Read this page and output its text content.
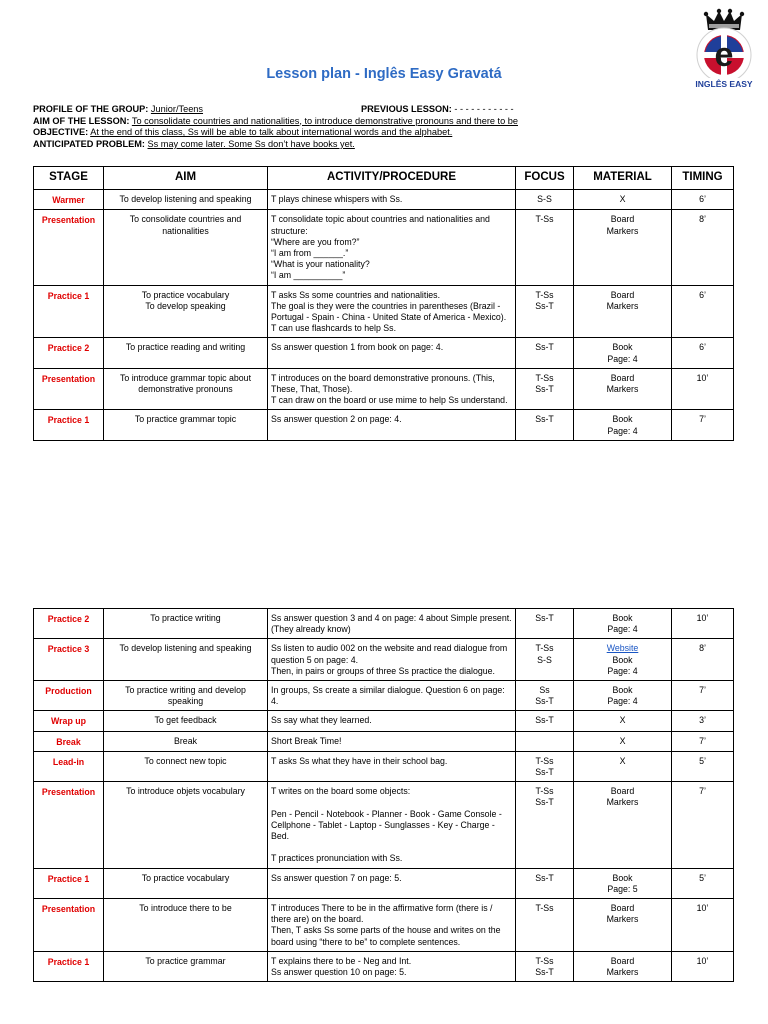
e
INGLÊS EASY
Lesson plan - Inglês Easy Gravatá
PROFILE OF THE GROUP: Junior/Teens	PREVIOUS LESSON: - - - - - - - - - - -
AIM OF THE LESSON: To consolidate countries and nationalities, to introduce demonstrative pronouns and there to be
OBJECTIVE: At the end of this class, Ss will be able to talk about international words and the alphabet.
ANTICIPATED PROBLEM: Ss may come later. Some Ss don’t have books yet.
STAGE	AIM	ACTIVITY/PROCEDURE	FOCUS	MATERIAL	TIMING
Warmer	To develop listening and speaking	T plays chinese whispers with Ss.	S-S	X	6’
Presentation	To consolidate countries and nationalities	T consolidate topic about countries and nationalities and structure:
“Where are you from?”
“I am from ______.”
“What is your nationality?
“I am __________”	T-Ss	Board
Markers	8’
Practice 1	To practice vocabulary
To develop speaking	T asks Ss some countries and nationalities.
The goal is they were the countries in parentheses (Brazil - Portugal - Spain - China - United State of America - Mexico).
T can use flashcards to help Ss.	T-Ss
Ss-T	Board
Markers	6’
Practice 2	To practice reading and writing	Ss answer question 1 from book on page: 4.	Ss-T	Book
Page: 4	6’
Presentation	To introduce grammar topic about demonstrative pronouns	T introduces on the board demonstrative pronouns. (This, These, That, Those).
T can draw on the board or use mime to help Ss understand.	T-Ss
Ss-T	Board
Markers	10’
Practice 1	To practice grammar topic	Ss answer question 2 on page: 4.	Ss-T	Book
Page: 4	7’
Practice 2	To practice writing	Ss answer question 3 and 4 on page: 4 about Simple present. (They already know)	Ss-T	Book
Page: 4	10’
Practice 3	To develop listening and speaking	Ss listen to audio 002 on the website and read dialogue from question 5 on page: 4.
Then, in pairs or groups of three Ss practice the dialogue.	T-Ss
S-S	Website
Book
Page: 4	8’
Production	To practice writing and develop speaking	In groups, Ss create a similar dialogue. Question 6 on page: 4.	Ss
Ss-T	Book
Page: 4	7’
Wrap up	To get feedback	Ss say what they learned.	Ss-T	X	3’
Break	Break	Short Break Time!		X	7’
Lead-in	To connect new topic	T asks Ss what they have in their school bag.	T-Ss
Ss-T	X	5’
Presentation	To introduce objets vocabulary	T writes on the board some objects:

Pen - Pencil - Notebook - Planner - Book - Game Console - Cellphone - Tablet - Laptop - Sunglasses - Key - Charge - Bed.

T practices pronunciation with Ss.	T-Ss
Ss-T	Board
Markers	7’
Practice 1	To practice vocabulary	Ss answer question 7 on page: 5.	Ss-T	Book
Page: 5	5’
Presentation	To introduce there to be	T introduces There to be in the affirmative form (there is / there are) on the board.
Then, T asks Ss some parts of the house and writes on the board using “there to be” to complete sentences.	T-Ss	Board
Markers	10’
Practice 1	To practice grammar	T explains there to be - Neg and Int.
Ss answer question 10 on page: 5.	T-Ss
Ss-T	Board
Markers	10’
